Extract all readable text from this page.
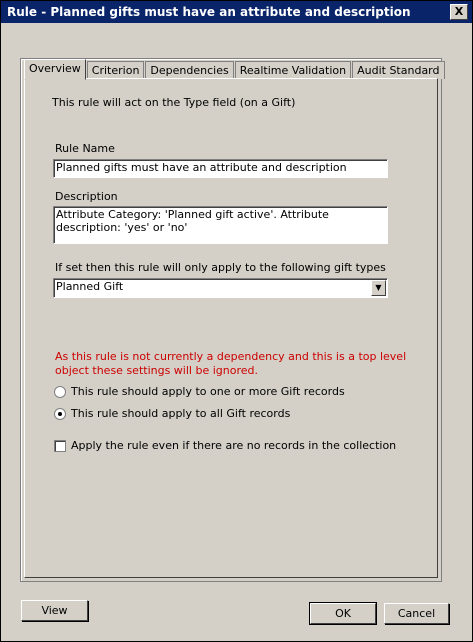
Rule - Planned gifts must have an attribute and description	X
Overview	Criterion	Dependencies	Realtime Validation	Audit Standard
This rule will act on the Type field (on a Gift)
Rule Name
Planned gifts must have an attribute and description
Description
Attribute Category: 'Planned gift active'. Attribute description: 'yes' or 'no'
If set then this rule will only apply to the following gift types
Planned Gift	▼
As this rule is not currently a dependency and this is a top level
object these settings will be ignored.
This rule should apply to one or more Gift records
This rule should apply to all Gift records
Apply the rule even if there are no records in the collection
View	OK	Cancel
